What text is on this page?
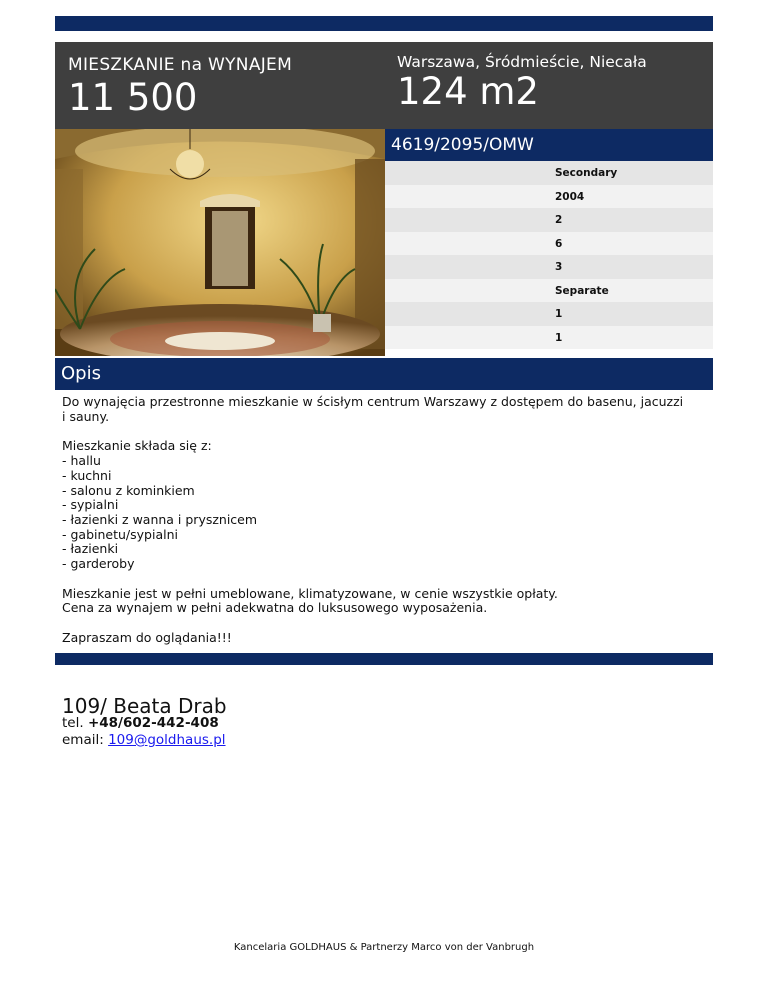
MIESZKANIE na WYNAJEM
11 500
Warszawa, Śródmieście, Niecała
124 m2
4619/2095/OMW
Secondary
2004
2
6
3
Separate
1
1
Opis

Do wynajęcia przestronne mieszkanie w ścisłym centrum Warszawy z dostępem do basenu, jacuzzi
i sauny.

Mieszkanie składa się z:
- hallu
- kuchni
- salonu z kominkiem
- sypialni
- łazienki z wanna i prysznicem
- gabinetu/sypialni
- łazienki
- garderoby

Mieszkanie jest w pełni umeblowane, klimatyzowane, w cenie wszystkie opłaty.
Cena za wynajem w pełni adekwatna do luksusowego wyposażenia.

Zapraszam do oglądania!!!

109/ Beata Drab
tel. +48/602-442-408
email: 109@goldhaus.pl
Kancelaria GOLDHAUS & Partnerzy Marco von der Vanbrugh
